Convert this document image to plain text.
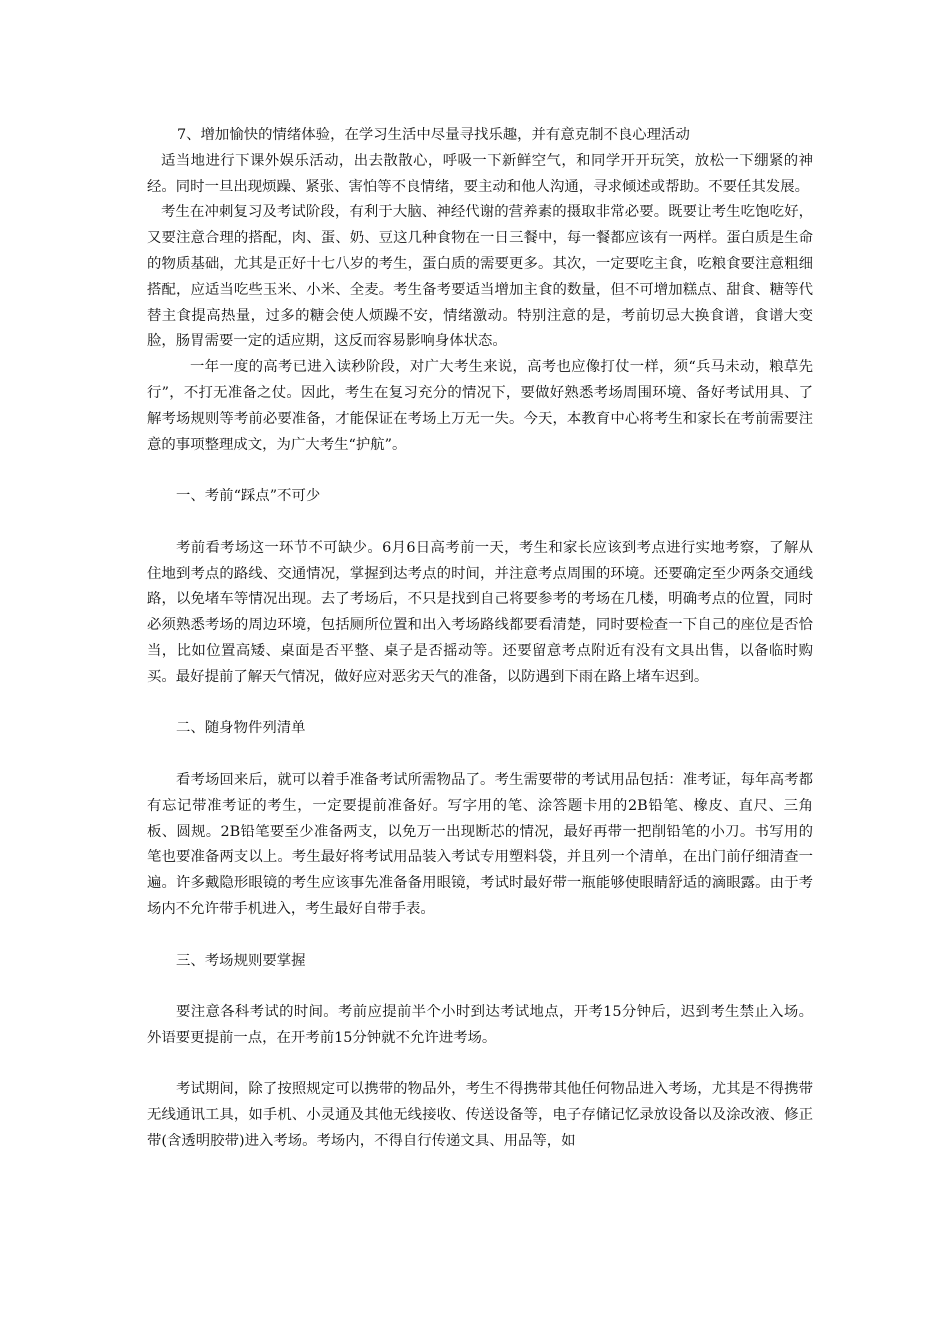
7、增加愉快的情绪体验，在学习生活中尽量寻找乐趣，并有意克制不良心理活动

适当地进行下课外娱乐活动，出去散散心，呼吸一下新鲜空气，和同学开开玩笑，放松一下绷紧的神经。同时一旦出现烦躁、紧张、害怕等不良情绪，要主动和他人沟通，寻求倾述或帮助。不要任其发展。

考生在冲刺复习及考试阶段，有利于大脑、神经代谢的营养素的摄取非常必要。既要让考生吃饱吃好，又要注意合理的搭配，肉、蛋、奶、豆这几种食物在一日三餐中，每一餐都应该有一两样。蛋白质是生命的物质基础，尤其是正好十七八岁的考生，蛋白质的需要更多。其次，一定要吃主食，吃粮食要注意粗细搭配，应适当吃些玉米、小米、全麦。考生备考要适当增加主食的数量，但不可增加糕点、甜食、糖等代替主食提高热量，过多的糖会使人烦躁不安，情绪激动。特别注意的是，考前切忌大换食谱，食谱大变脸，肠胃需要一定的适应期，这反而容易影响身体状态。

一年一度的高考已进入读秒阶段，对广大考生来说，高考也应像打仗一样，须“兵马未动，粮草先行”，不打无准备之仗。因此，考生在复习充分的情况下，要做好熟悉考场周围环境、备好考试用具、了解考场规则等考前必要准备，才能保证在考场上万无一失。今天，本教育中心将考生和家长在考前需要注意的事项整理成文，为广大考生“护航”。

一、考前“踩点”不可少

考前看考场这一环节不可缺少。6月6日高考前一天，考生和家长应该到考点进行实地考察，了解从住地到考点的路线、交通情况，掌握到达考点的时间，并注意考点周围的环境。还要确定至少两条交通线路，以免堵车等情况出现。去了考场后，不只是找到自己将要参考的考场在几楼，明确考点的位置，同时必须熟悉考场的周边环境，包括厕所位置和出入考场路线都要看清楚，同时要检查一下自己的座位是否恰当，比如位置高矮、桌面是否平整、桌子是否摇动等。还要留意考点附近有没有文具出售，以备临时购买。最好提前了解天气情况，做好应对恶劣天气的准备，以防遇到下雨在路上堵车迟到。

二、随身物件列清单

看考场回来后，就可以着手准备考试所需物品了。考生需要带的考试用品包括：准考证，每年高考都有忘记带准考证的考生，一定要提前准备好。写字用的笔、涂答题卡用的2B铅笔、橡皮、直尺、三角板、圆规。2B铅笔要至少准备两支，以免万一出现断芯的情况，最好再带一把削铅笔的小刀。书写用的笔也要准备两支以上。考生最好将考试用品装入考试专用塑料袋，并且列一个清单，在出门前仔细清查一遍。许多戴隐形眼镜的考生应该事先准备备用眼镜，考试时最好带一瓶能够使眼睛舒适的滴眼露。由于考场内不允许带手机进入，考生最好自带手表。

三、考场规则要掌握

要注意各科考试的时间。考前应提前半个小时到达考试地点，开考15分钟后，迟到考生禁止入场。外语要更提前一点，在开考前15分钟就不允许进考场。

考试期间，除了按照规定可以携带的物品外，考生不得携带其他任何物品进入考场，尤其是不得携带无线通讯工具，如手机、小灵通及其他无线接收、传送设备等，电子存储记忆录放设备以及涂改液、修正带(含透明胶带)进入考场。考场内，不得自行传递文具、用品等，如
